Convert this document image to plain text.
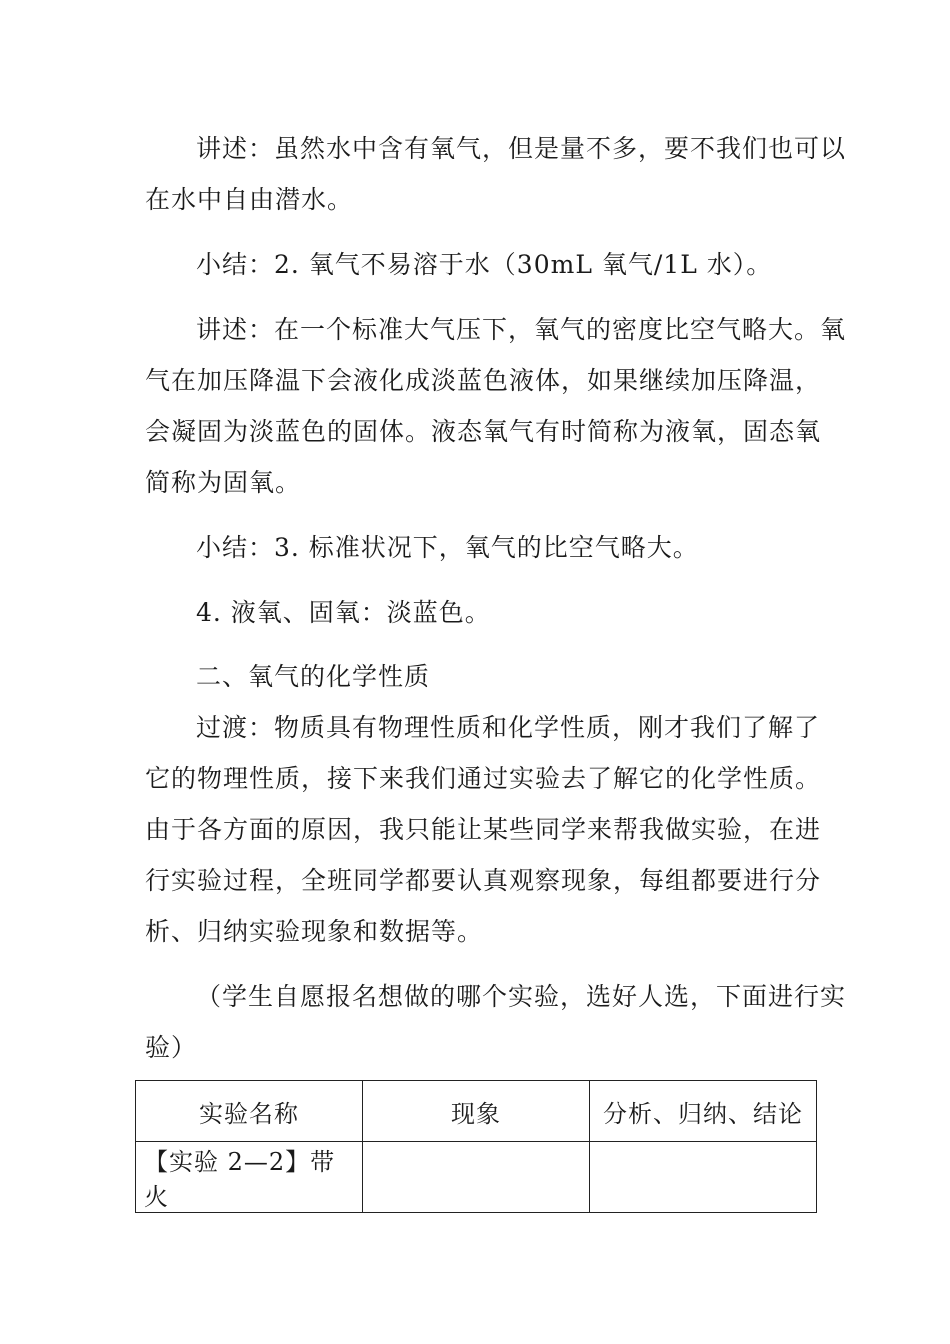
讲述：虽然水中含有氧气，但是量不多，要不我们也可以
在水中自由潜水。
小结：2. 氧气不易溶于水（30mL 氧气/1L 水）。
讲述：在一个标准大气压下，氧气的密度比空气略大。氧
气在加压降温下会液化成淡蓝色液体，如果继续加压降温，
会凝固为淡蓝色的固体。液态氧气有时简称为液氧，固态氧
简称为固氧。
小结：3. 标准状况下，氧气的比空气略大。
4. 液氧、固氧：淡蓝色。
二、氧气的化学性质
过渡：物质具有物理性质和化学性质，刚才我们了解了
它的物理性质，接下来我们通过实验去了解它的化学性质。
由于各方面的原因，我只能让某些同学来帮我做实验，在进
行实验过程，全班同学都要认真观察现象，每组都要进行分
析、归纳实验现象和数据等。
（学生自愿报名想做的哪个实验，选好人选，下面进行实
验）
实验名称	现象	分析、归纳、结论
【实验 2—2】带火		
